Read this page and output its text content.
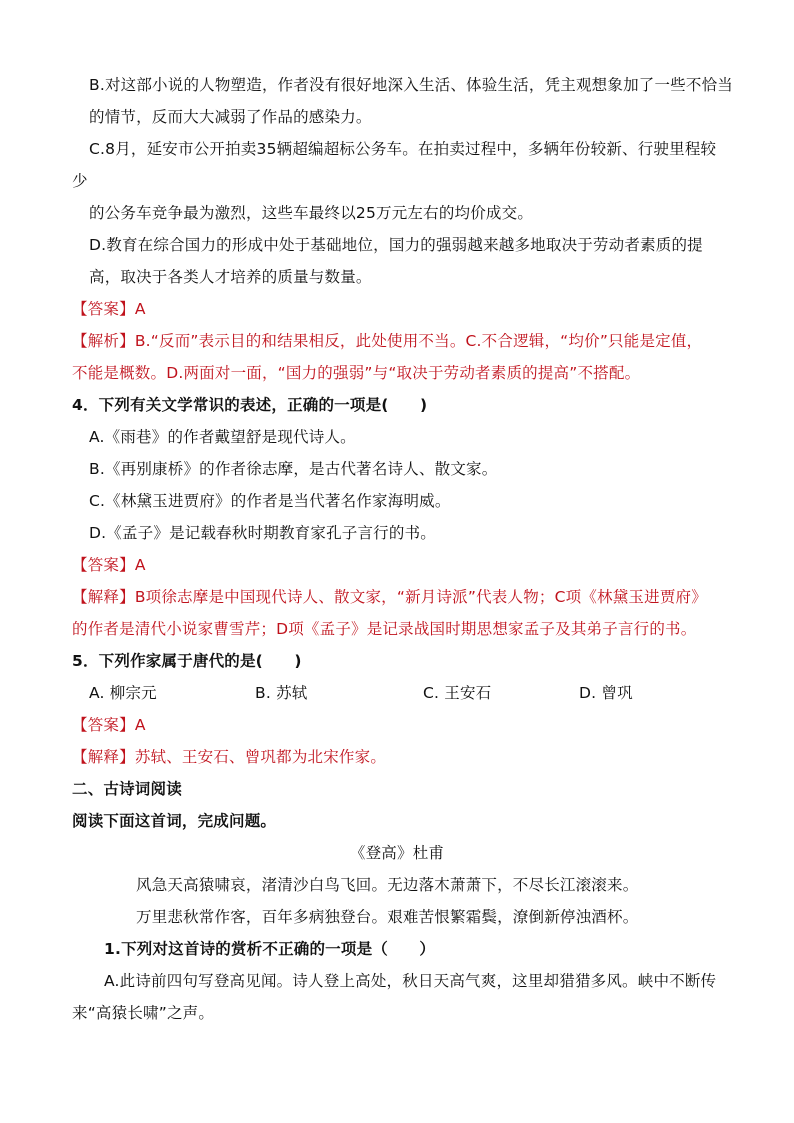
B.对这部小说的人物塑造，作者没有很好地深入生活、体验生活，凭主观想象加了一些不恰当
的情节，反而大大减弱了作品的感染力。
C.8月，延安市公开拍卖35辆超编超标公务车。在拍卖过程中，多辆年份较新、行驶里程较
少
的公务车竞争最为激烈，这些车最终以25万元左右的均价成交。
D.教育在综合国力的形成中处于基础地位，国力的强弱越来越多地取决于劳动者素质的提
高，取决于各类人才培养的质量与数量。
【答案】A
【解析】B.“反而”表示目的和结果相反，此处使用不当。C.不合逻辑，“均价”只能是定值，
不能是概数。D.两面对一面，“国力的强弱”与“取决于劳动者素质的提高”不搭配。
4．下列有关文学常识的表述，正确的一项是(　　)
A.《雨巷》的作者戴望舒是现代诗人。
B.《再别康桥》的作者徐志摩，是古代著名诗人、散文家。
C.《林黛玉进贾府》的作者是当代著名作家海明威。
D.《孟子》是记载春秋时期教育家孔子言行的书。
【答案】A
【解释】B项徐志摩是中国现代诗人、散文家，“新月诗派”代表人物；C项《林黛玉进贾府》
的作者是清代小说家曹雪芹；D项《孟子》是记录战国时期思想家孟子及其弟子言行的书。
5．下列作家属于唐代的是(　　)
A. 柳宗元	B. 苏轼	C. 王安石	D. 曾巩
【答案】A
【解释】苏轼、王安石、曾巩都为北宋作家。
二、古诗词阅读
阅读下面这首词，完成问题。
《登高》杜甫
风急天高猿啸哀，渚清沙白鸟飞回。无边落木萧萧下，不尽长江滚滚来。
万里悲秋常作客，百年多病独登台。艰难苦恨繁霜鬓，潦倒新停浊酒杯。
1.下列对这首诗的赏析不正确的一项是（　　）
A.此诗前四句写登高见闻。诗人登上高处，秋日天高气爽，这里却猎猎多风。峡中不断传
来“高猿长啸”之声。
